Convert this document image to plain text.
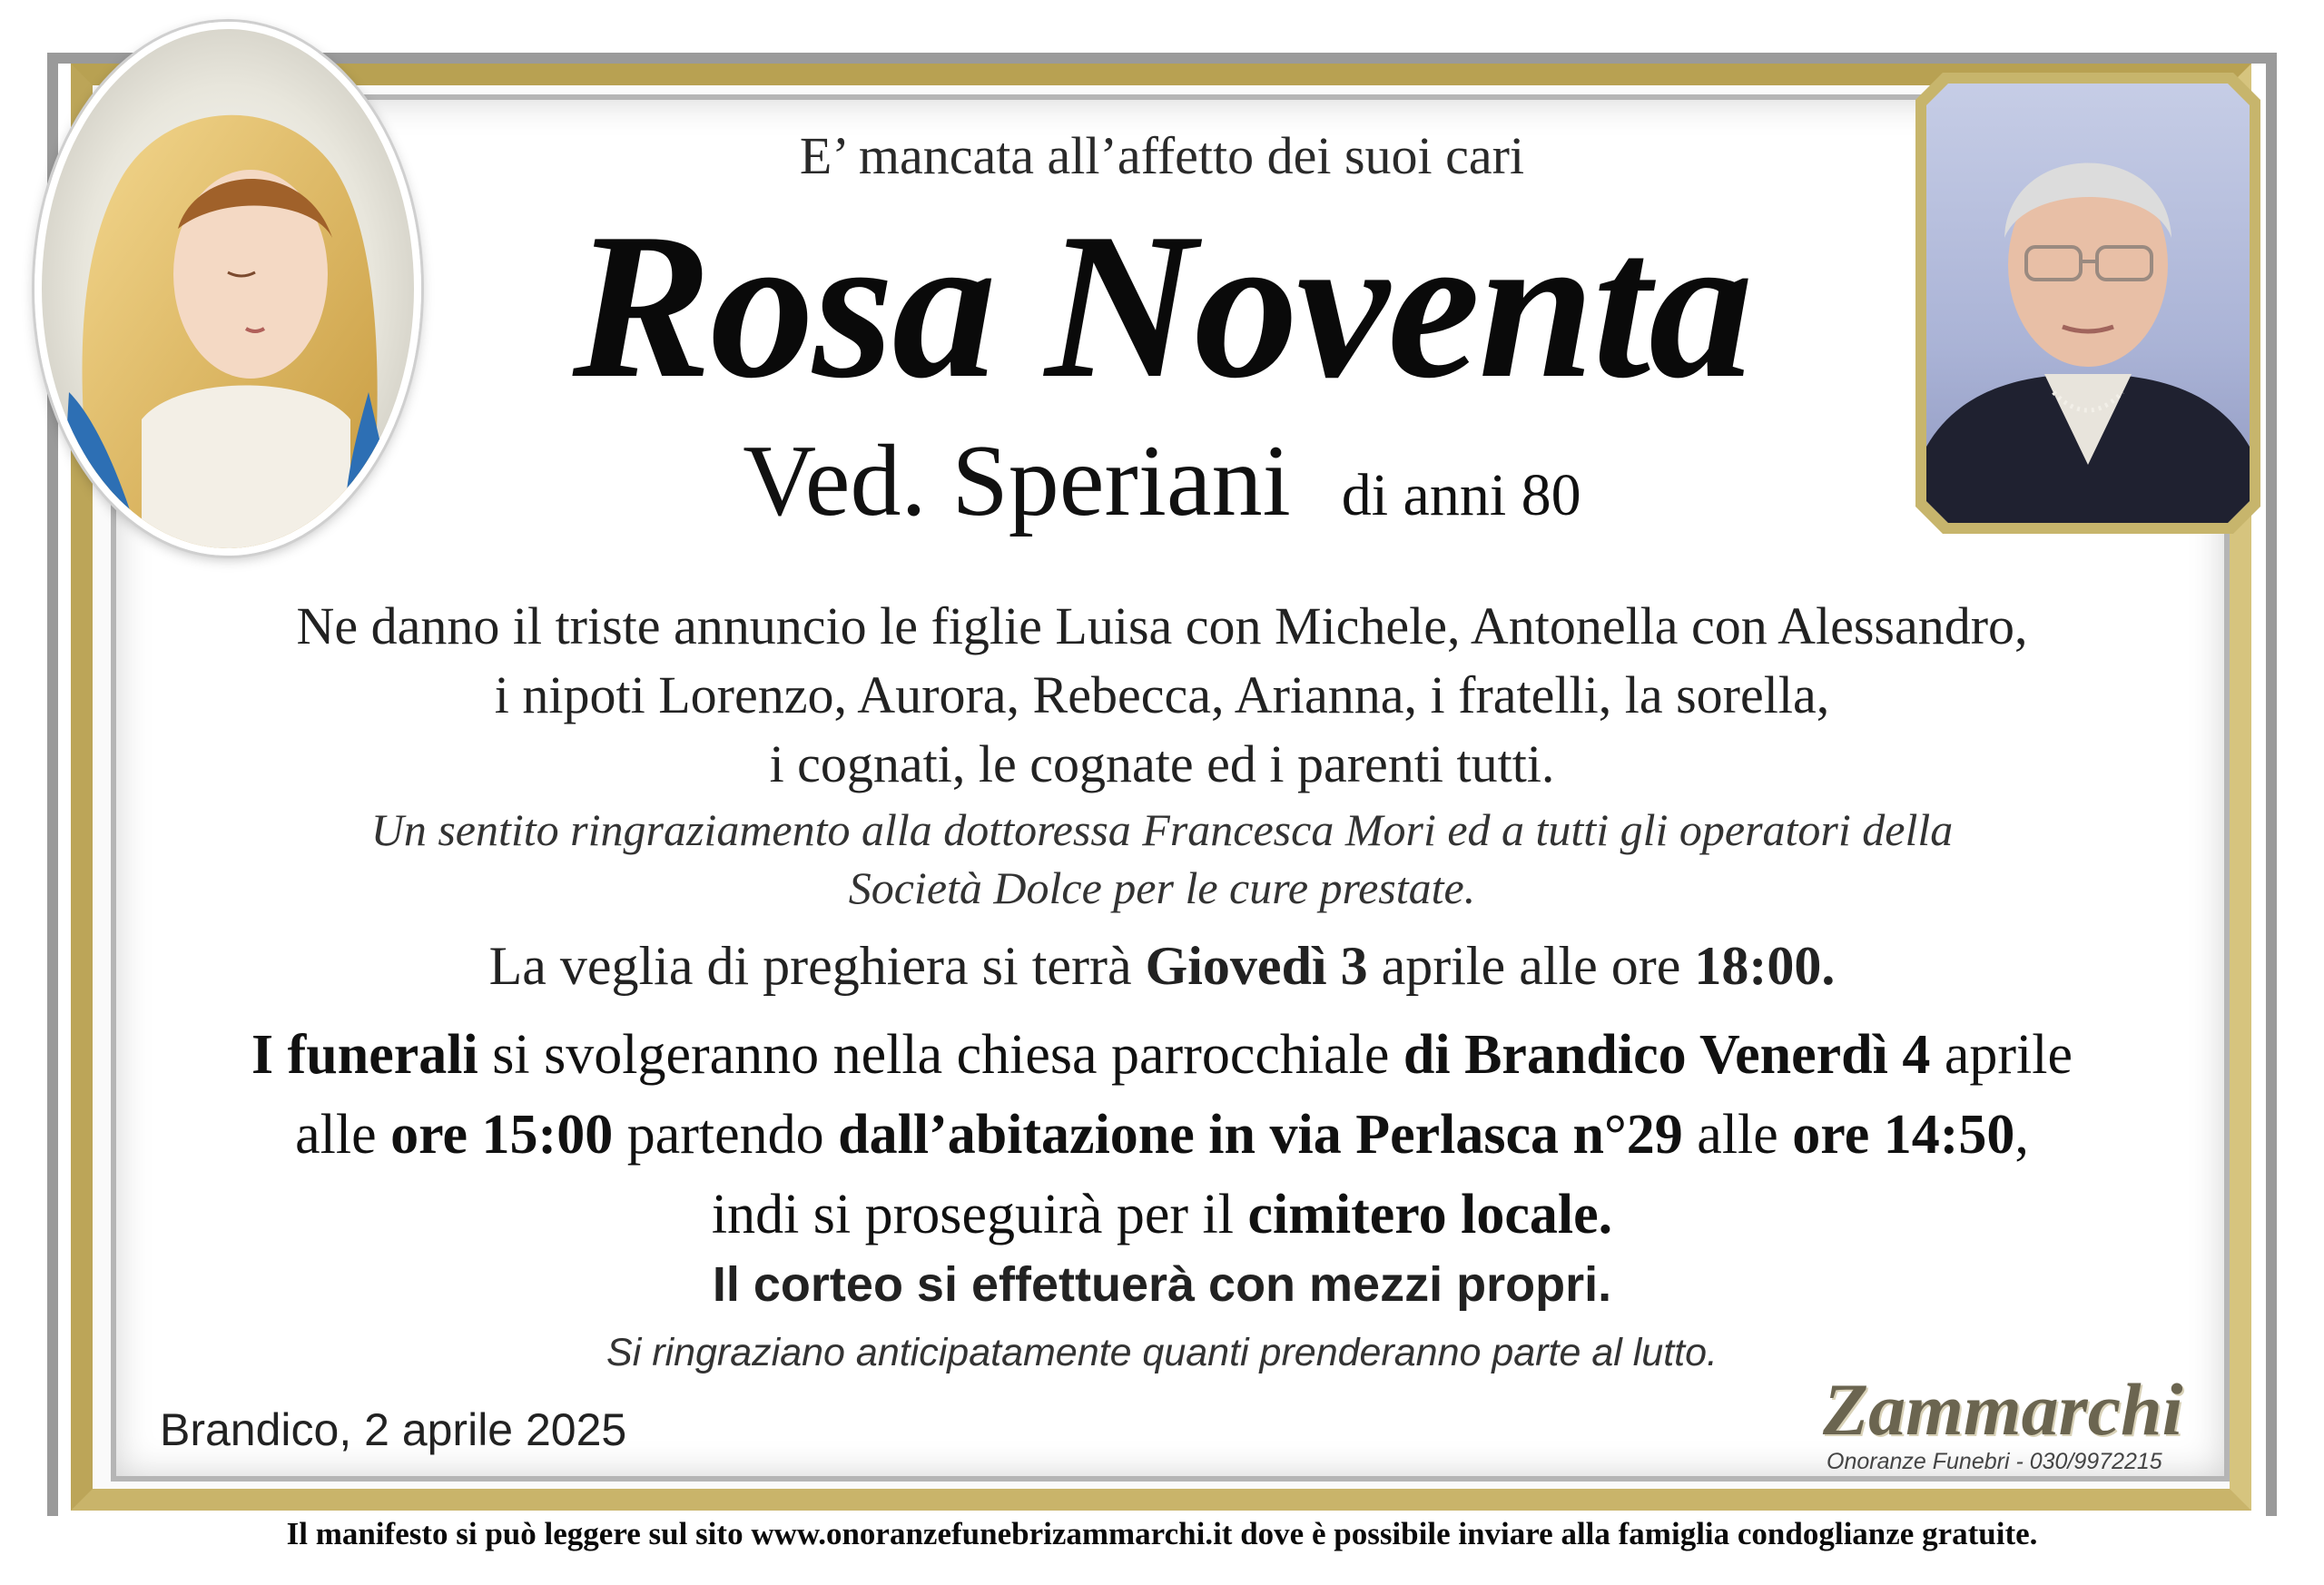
E’ mancata all’affetto dei suoi cari
Rosa Noventa
Ved. Speriani di anni 80
Ne danno il triste annuncio le figlie Luisa con Michele, Antonella con Alessandro,
i nipoti Lorenzo, Aurora, Rebecca, Arianna, i fratelli, la sorella,
i cognati, le cognate ed i parenti tutti.
Un sentito ringraziamento alla dottoressa Francesca Mori ed a tutti gli operatori della
Società Dolce per le cure prestate.
La veglia di preghiera si terrà Giovedì 3 aprile alle ore 18:00.
I funerali si svolgeranno nella chiesa parrocchiale di Brandico Venerdì 4 aprile
alle ore 15:00 partendo dall’abitazione in via Perlasca n°29 alle ore 14:50,
indi si proseguirà per il cimitero locale.
Il corteo si effettuerà con mezzi propri.
Si ringraziano anticipatamente quanti prenderanno parte al lutto.
Brandico, 2 aprile 2025	Zammarchi
Onoranze Funebri - 030/9972215
Il manifesto si può leggere sul sito www.onoranzefunebrizammarchi.it dove è possibile inviare alla famiglia condoglianze gratuite.
